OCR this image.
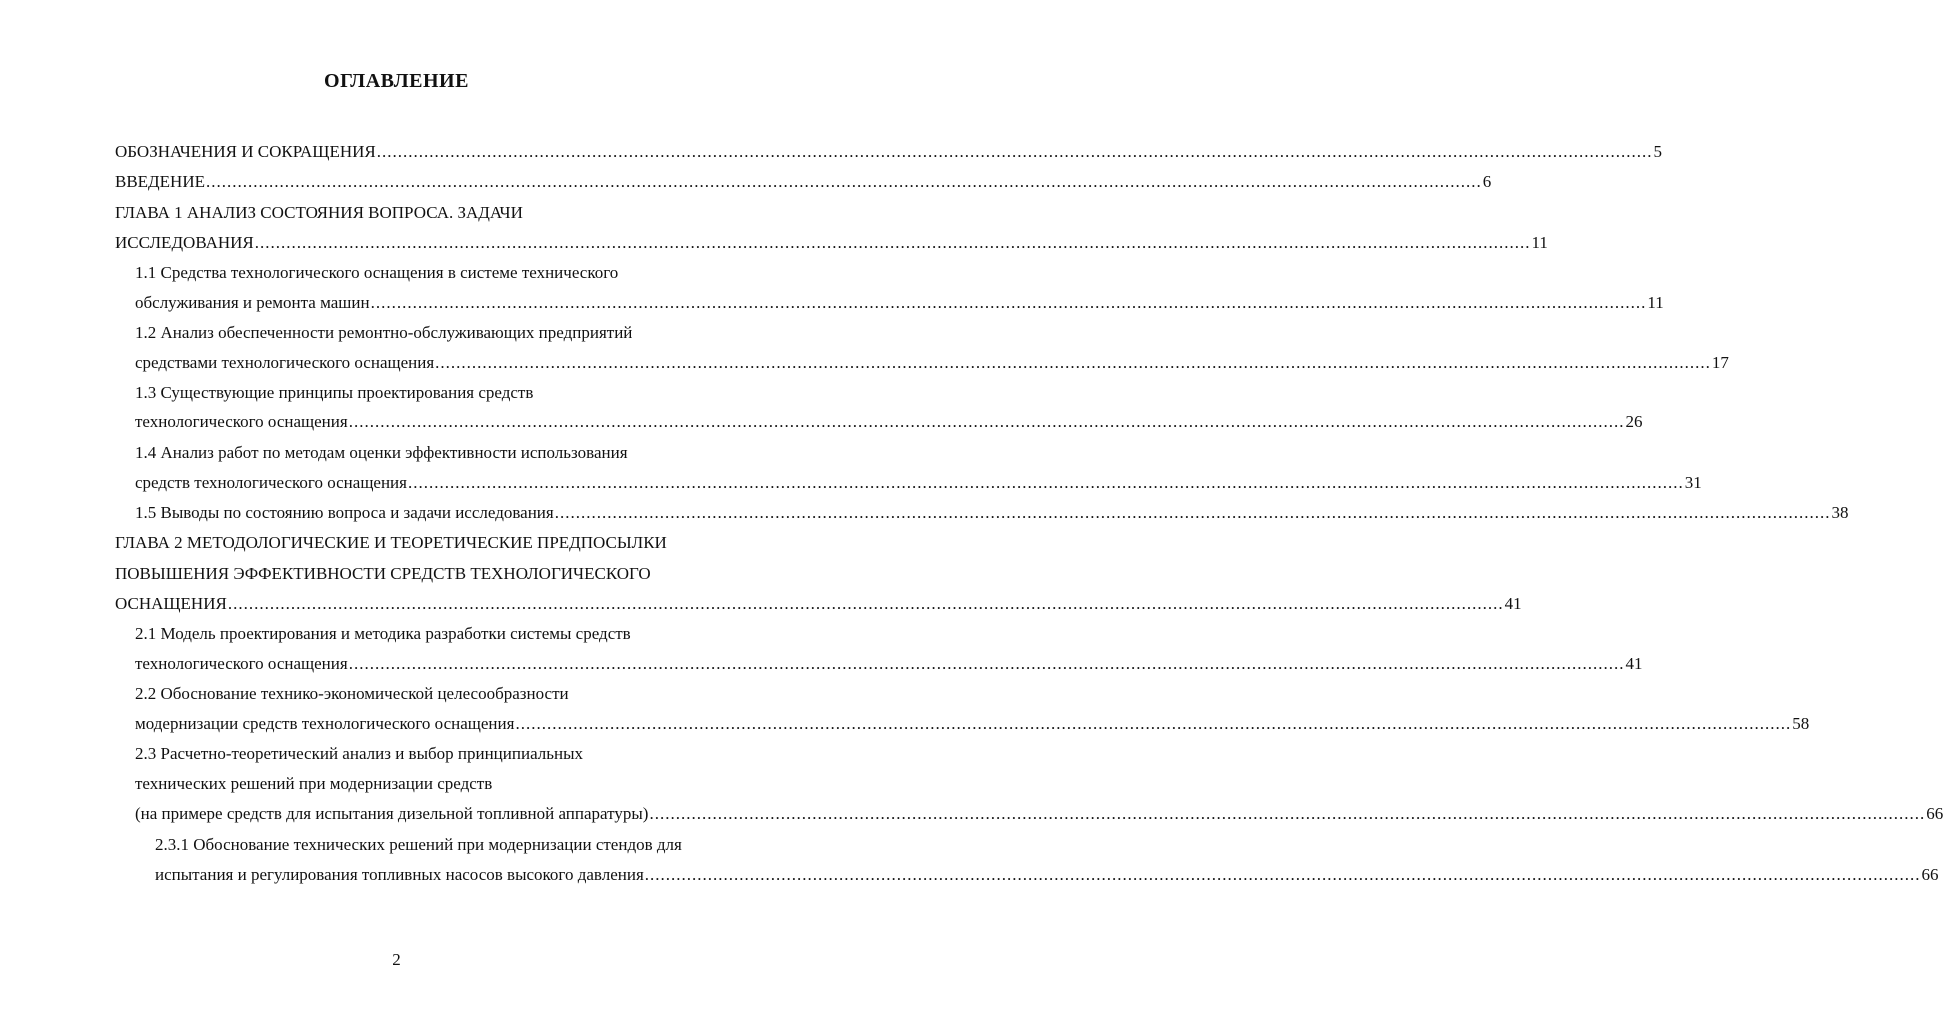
ОГЛАВЛЕНИЕ
ОБОЗНАЧЕНИЯ И СОКРАЩЕНИЯ ................................................................................................................................................................................................................................................... 5
ВВЕДЕНИЕ ................................................................................................................................................................................................................................................... 6
ГЛАВА 1 АНАЛИЗ СОСТОЯНИЯ ВОПРОСА. ЗАДАЧИ
ИССЛЕДОВАНИЯ ................................................................................................................................................................................................................................................... 11
1.1 Средства технологического оснащения в системе технического
обслуживания и ремонта машин ................................................................................................................................................................................................................................................... 11
1.2 Анализ обеспеченности ремонтно-обслуживающих предприятий
средствами технологического оснащения ................................................................................................................................................................................................................................................... 17
1.3 Существующие принципы проектирования средств
технологического оснащения ................................................................................................................................................................................................................................................... 26
1.4 Анализ работ по методам оценки эффективности использования
средств технологического оснащения ................................................................................................................................................................................................................................................... 31
1.5 Выводы по состоянию вопроса и задачи исследования ................................................................................................................................................................................................................................................... 38
ГЛАВА 2 МЕТОДОЛОГИЧЕСКИЕ И ТЕОРЕТИЧЕСКИЕ ПРЕДПОСЫЛКИ
ПОВЫШЕНИЯ ЭФФЕКТИВНОСТИ СРЕДСТВ ТЕХНОЛОГИЧЕСКОГО
ОСНАЩЕНИЯ ................................................................................................................................................................................................................................................... 41
2.1 Модель проектирования и методика разработки системы средств
технологического оснащения ................................................................................................................................................................................................................................................... 41
2.2 Обоснование технико-экономической целесообразности
модернизации средств технологического оснащения ................................................................................................................................................................................................................................................... 58
2.3 Расчетно-теоретический анализ и выбор принципиальных
технических решений при модернизации средств
(на примере средств для испытания дизельной топливной аппаратуры) ................................................................................................................................................................................................................................................... 66
2.3.1 Обоснование технических решений при модернизации стендов для
испытания и регулирования топливных насосов высокого давления ................................................................................................................................................................................................................................................... 66
2
